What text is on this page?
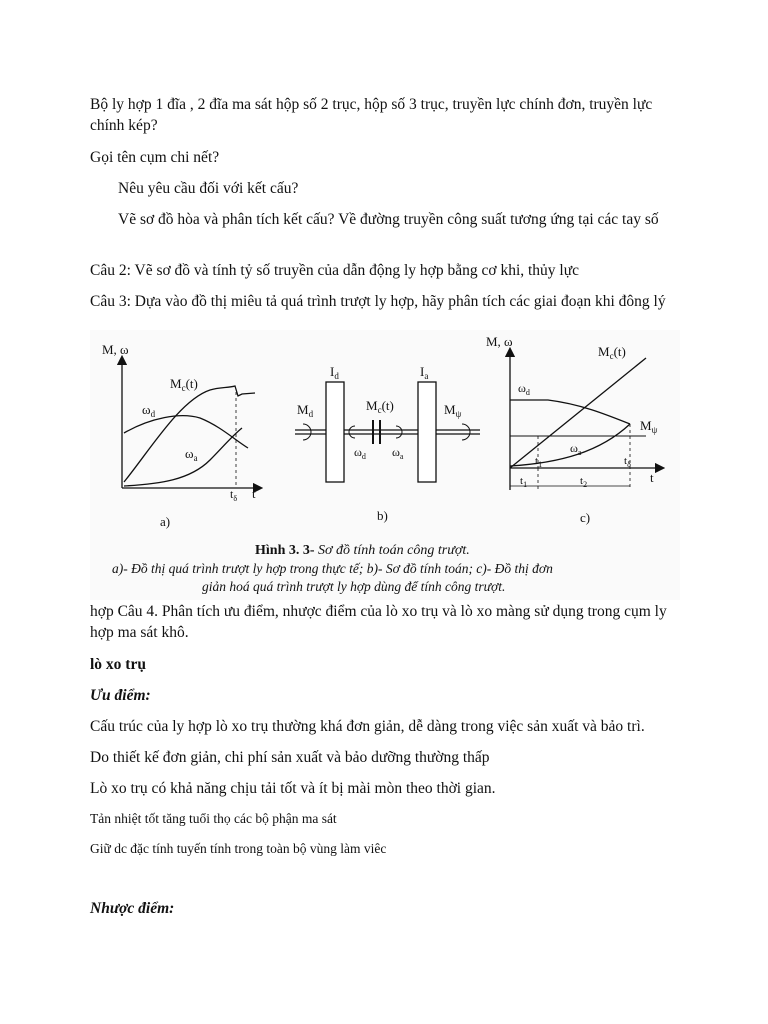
Bộ ly hợp 1 đĩa , 2 đĩa ma sát hộp số 2 trục, hộp số 3 trục, truyền lực chính đơn, truyền lực chính kép?

Gọi tên cụm chi nết?

Nêu yêu cầu đối với kết cấu?

Vẽ sơ đồ hòa và phân tích kết cấu? Về đường truyền công suất tương ứng tại các tay số

Câu 2: Vẽ sơ đồ và tính tỷ số truyền của dẫn động ly hợp bằng cơ khi, thủy lực

Câu 3: Dựa vào đồ thị miêu tả quá trình trượt ly hợp, hãy phân tích các giai đoạn khi đông lý

M, ω
$M_c(t)$
$\omega_d$
$\omega_a$
$t_\delta$ t
a)
$I_d$	$I_a$
$M_d$
$M_c(t)$	$M_\psi$
$\omega_d$ $\omega_a$
b)
M, ω
$M_c(t)$
$\omega_d$
$\omega_a$
$M_\psi$
$t_1$	$t_\delta$
$t_1$	$t_2$	t
c)
Hình 3. 3- Sơ đồ tính toán công trượt.
a)- Đồ thị quá trình trượt ly hợp trong thực tế; b)- Sơ đồ tính toán; c)- Đồ thị đơn
giản hoá quá trình trượt ly hợp dùng để tính công trượt.

hợp Câu 4. Phân tích ưu điểm, nhược điểm của lò xo trụ và lò xo màng sử dụng trong cụm ly hợp ma sát khô.

lò xo trụ

Ưu điểm:

Cấu trúc của ly hợp lò xo trụ thường khá đơn giản, dễ dàng trong việc sản xuất và bảo trì.

Do thiết kế đơn giản, chi phí sản xuất và bảo dưỡng thường thấp

Lò xo trụ có khả năng chịu tải tốt và ít bị mài mòn theo thời gian.

Tản nhiệt tốt tăng tuổi thọ các bộ phận ma sát

Giữ dc đặc tính tuyến tính trong toàn bộ vùng làm viêc

Nhược điểm:
